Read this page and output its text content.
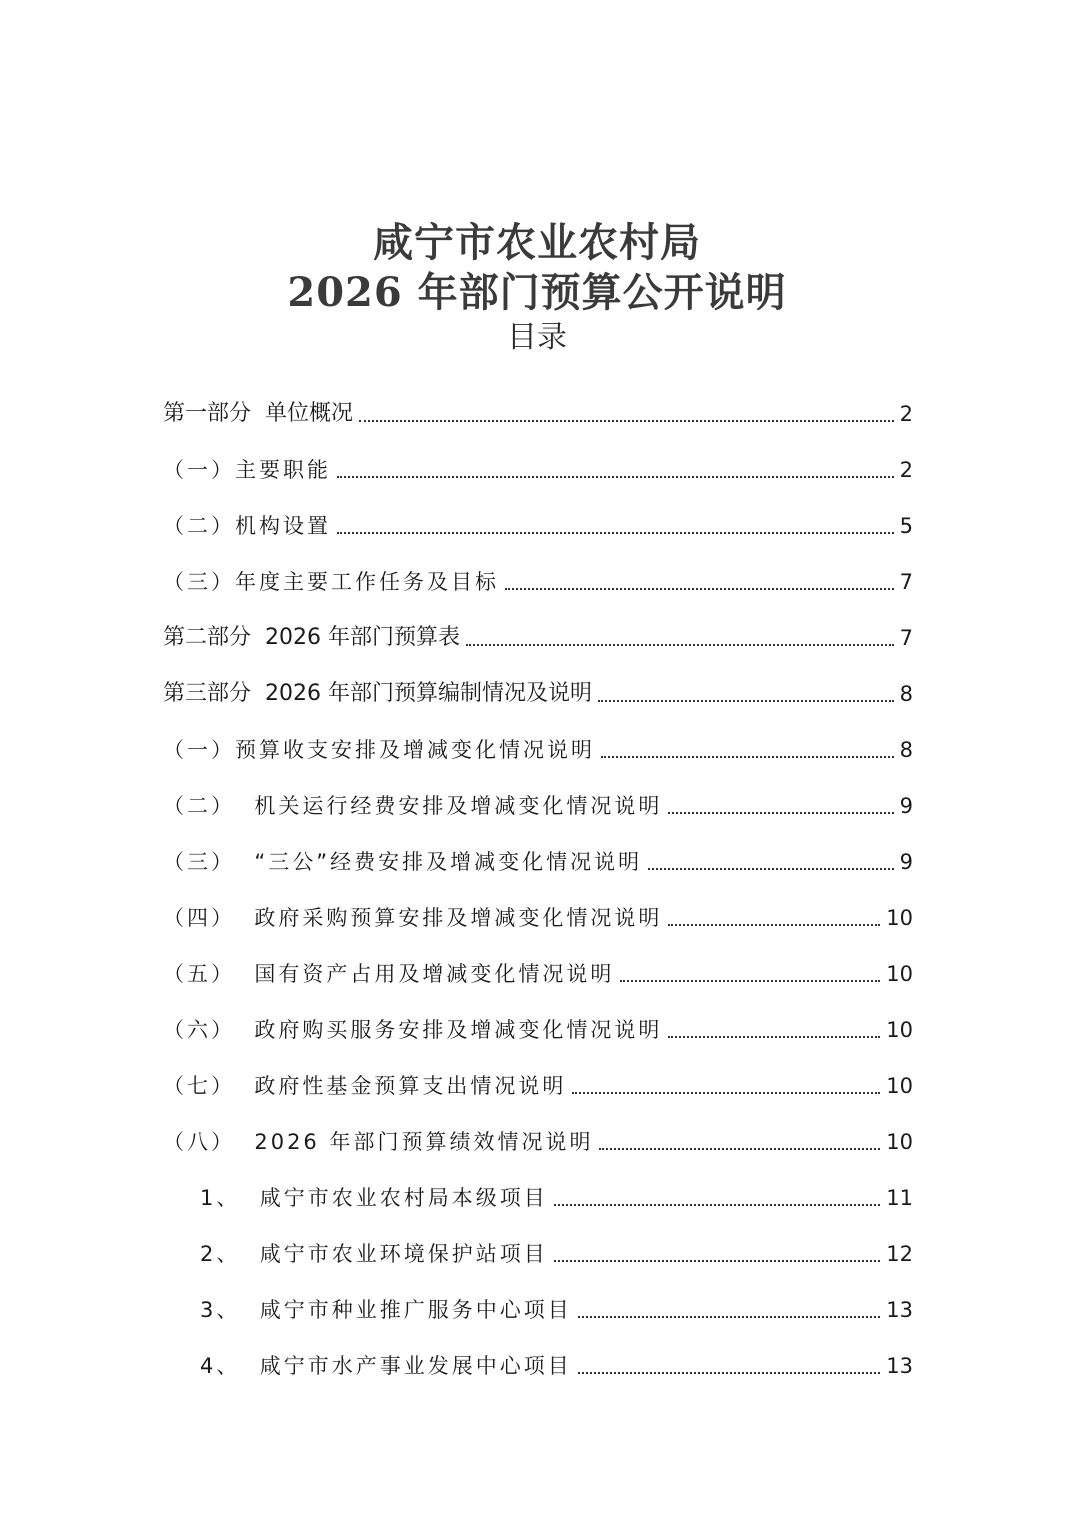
咸宁市农业农村局
2026 年部门预算公开说明
目录
第一部分  单位概况	2
（一）主要职能	2
（二）机构设置	5
（三）年度主要工作任务及目标	7
第二部分  2026 年部门预算表	7
第三部分  2026 年部门预算编制情况及说明	8
（一）预算收支安排及增减变化情况说明	8
（二）  机关运行经费安排及增减变化情况说明	9
（三）  “三公”经费安排及增减变化情况说明	9
（四）  政府采购预算安排及增减变化情况说明	10
（五）  国有资产占用及增减变化情况说明	10
（六）  政府购买服务安排及增减变化情况说明	10
（七）  政府性基金预算支出情况说明	10
（八）  2026 年部门预算绩效情况说明	10
1、  咸宁市农业农村局本级项目	11
2、  咸宁市农业环境保护站项目	12
3、  咸宁市种业推广服务中心项目	13
4、  咸宁市水产事业发展中心项目	13
